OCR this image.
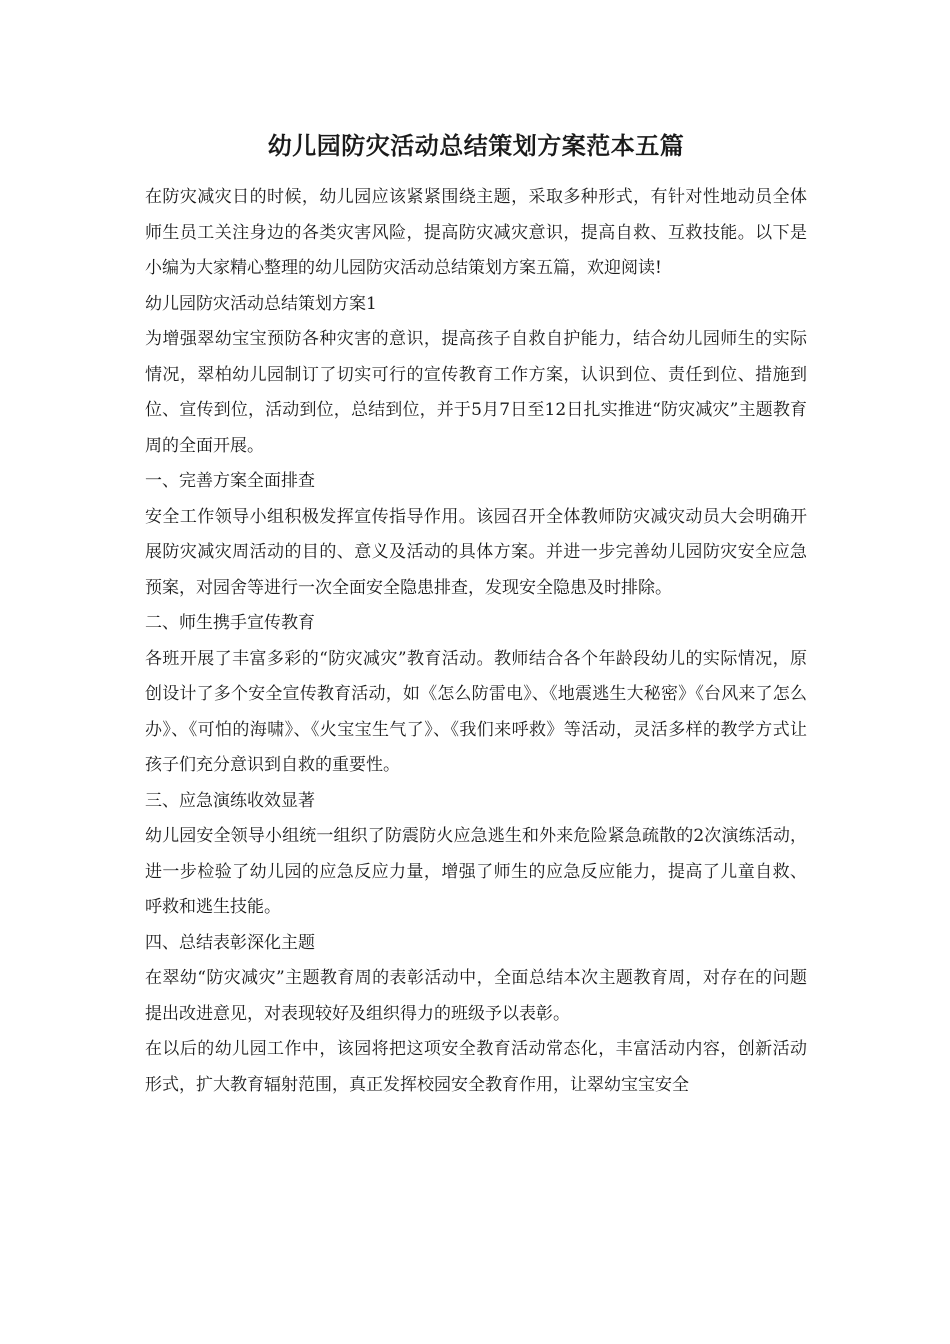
幼儿园防灾活动总结策划方案范本五篇

在防灾减灾日的时候，幼儿园应该紧紧围绕主题，采取多种形式，有针对性地动员全体师生员工关注身边的各类灾害风险，提高防灾减灾意识，提高自救、互救技能。以下是小编为大家精心整理的幼儿园防灾活动总结策划方案五篇，欢迎阅读!

幼儿园防灾活动总结策划方案1

为增强翠幼宝宝预防各种灾害的意识，提高孩子自救自护能力，结合幼儿园师生的实际情况，翠柏幼儿园制订了切实可行的宣传教育工作方案，认识到位、责任到位、措施到位、宣传到位，活动到位，总结到位，并于5月7日至12日扎实推进“防灾减灾”主题教育周的全面开展。

一、完善方案全面排查

安全工作领导小组积极发挥宣传指导作用。该园召开全体教师防灾减灾动员大会明确开展防灾减灾周活动的目的、意义及活动的具体方案。并进一步完善幼儿园防灾安全应急预案，对园舍等进行一次全面安全隐患排查，发现安全隐患及时排除。

二、师生携手宣传教育

各班开展了丰富多彩的“防灾减灾”教育活动。教师结合各个年龄段幼儿的实际情况，原创设计了多个安全宣传教育活动，如《怎么防雷电》、《地震逃生大秘密》《台风来了怎么办》、《可怕的海啸》、《火宝宝生气了》、《我们来呼救》等活动，灵活多样的教学方式让孩子们充分意识到自救的重要性。

三、应急演练收效显著

幼儿园安全领导小组统一组织了防震防火应急逃生和外来危险紧急疏散的2次演练活动，进一步检验了幼儿园的应急反应力量，增强了师生的应急反应能力，提高了儿童自救、呼救和逃生技能。

四、总结表彰深化主题

在翠幼“防灾减灾”主题教育周的表彰活动中，全面总结本次主题教育周，对存在的问题提出改进意见，对表现较好及组织得力的班级予以表彰。

在以后的幼儿园工作中，该园将把这项安全教育活动常态化，丰富活动内容，创新活动形式，扩大教育辐射范围，真正发挥校园安全教育作用，让翠幼宝宝安全
